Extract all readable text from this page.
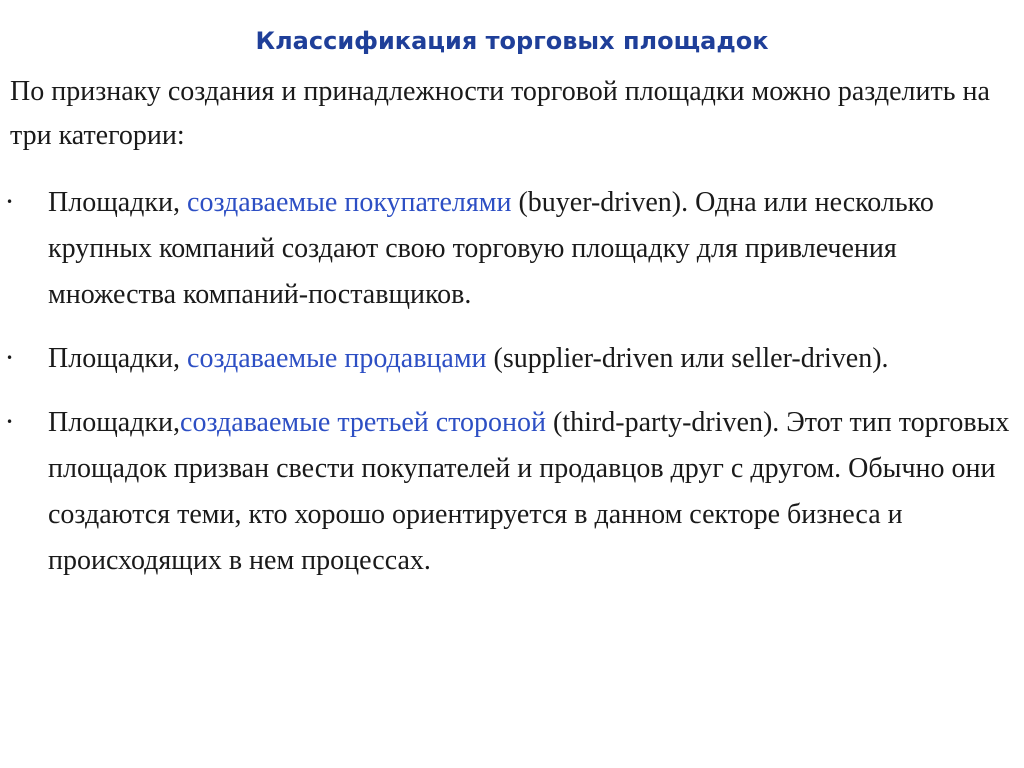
Классификация торговых площадок
По признаку создания и принадлежности торговой площадки можно разделить на три категории:
• Площадки, создаваемые покупателями (buyer-driven). Одна или несколько крупных компаний создают свою торговую площадку для привлечения множества компаний-поставщиков.
• Площадки, создаваемые продавцами (supplier-driven или seller-driven).
• Площадки,создаваемые третьей стороной (third-party-driven). Этот тип торговых площадок призван свести покупателей и продавцов друг с другом. Обычно они создаются теми, кто хорошо ориентируется в данном секторе бизнеса и происходящих в нем процессах.
